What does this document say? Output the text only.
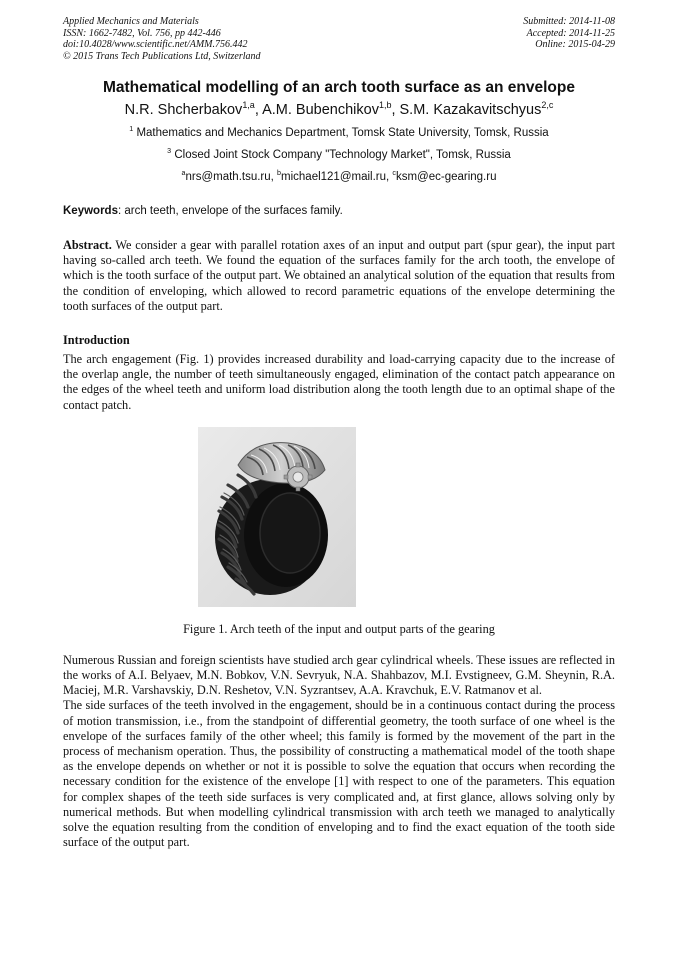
Applied Mechanics and Materials
ISSN: 1662-7482, Vol. 756, pp 442-446
doi:10.4028/www.scientific.net/AMM.756.442
© 2015 Trans Tech Publications Ltd, Switzerland
Submitted: 2014-11-08
Accepted: 2014-11-25
Online: 2015-04-29
Mathematical modelling of an arch tooth surface as an envelope
N.R. Shcherbakov$^{1,a}$, A.M. Bubenchikov$^{1,b}$, S.M. Kazakavitschyus$^{2,c}$
$^1$ Mathematics and Mechanics Department, Tomsk State University, Tomsk, Russia
$^3$ Closed Joint Stock Company "Technology Market", Tomsk, Russia
$^a$nrs@math.tsu.ru, $^b$michael121@mail.ru, $^c$ksm@ec-gearing.ru
Keywords: arch teeth, envelope of the surfaces family.

Abstract. We consider a gear with parallel rotation axes of an input and output part (spur gear), the input part having so-called arch teeth. We found the equation of the surfaces family for the arch tooth, the envelope of which is the tooth surface of the output part. We obtained an analytical solution of the equation that results from the condition of enveloping, which allowed to record parametric equations of the envelope determining the tooth surfaces of the output part.

Introduction

The arch engagement (Fig. 1) provides increased durability and load-carrying capacity due to the increase of the overlap angle, the number of teeth simultaneously engaged, elimination of the contact patch appearance on the edges of the wheel teeth and uniform load distribution along the tooth length due to an optimal shape of the contact patch.

Figure 1. Arch teeth of the input and output parts of the gearing

Numerous Russian and foreign scientists have studied arch gear cylindrical wheels. These issues are reflected in the works of A.I. Belyaev, M.N. Bobkov, V.N. Sevryuk, N.A. Shahbazov, M.I. Evstigneev, G.M. Sheynin, R.A. Maciej, M.R. Varshavskiy, D.N. Reshetov, V.N. Syzrantsev, A.A. Kravchuk, E.V. Ratmanov et al.

The side surfaces of the teeth involved in the engagement, should be in a continuous contact during the process of motion transmission, i.e., from the standpoint of differential geometry, the tooth surface of one wheel is the envelope of the surfaces family of the other wheel; this family is formed by the movement of the part in the process of mechanism operation. Thus, the possibility of constructing a mathematical model of the tooth shape as the envelope depends on whether or not it is possible to solve the equation that occurs when recording the necessary condition for the existence of the envelope [1] with respect to one of the parameters. This equation for complex shapes of the teeth side surfaces is very complicated and, at first glance, allows solving only by numerical methods. But when modelling cylindrical transmission with arch teeth we managed to analytically solve the equation resulting from the condition of enveloping and to find the exact equation of the tooth side surface of the output part.
